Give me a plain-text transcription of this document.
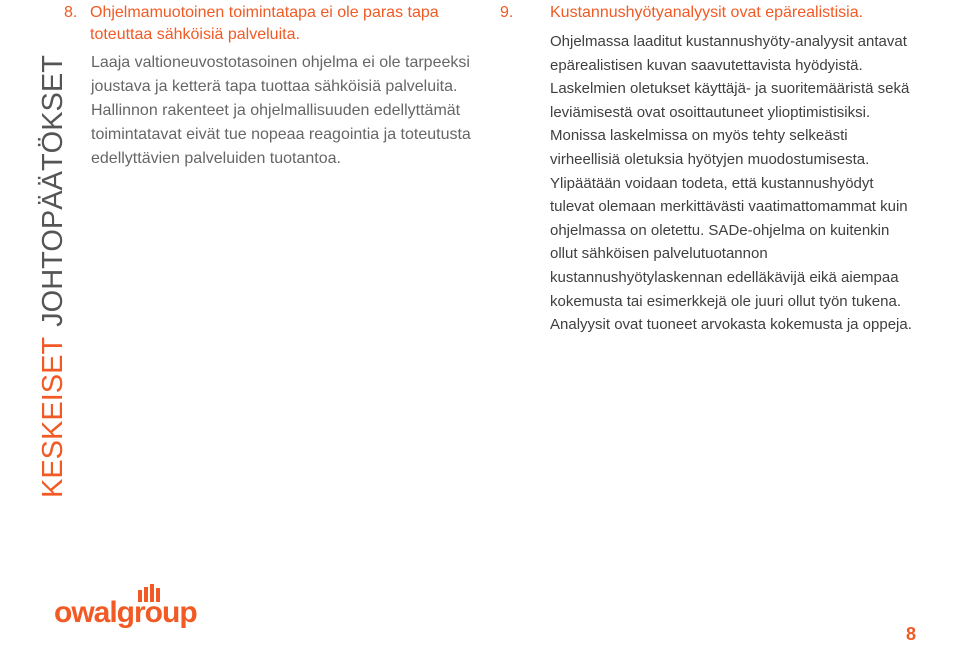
KESKEISETJOHTOPÄÄTÖKSET
8. Ohjelmamuotoinen toimintatapa ei ole paras tapa toteuttaa sähköisiä palveluita.
Laaja valtioneuvostotasoinen ohjelma ei ole tarpeeksi joustava ja ketterä tapa tuottaa sähköisiä palveluita. Hallinnon rakenteet ja ohjelmallisuuden edellyttämät toimintatavat eivät tue nopeaa reagointia ja toteutusta edellyttävien palveluiden tuotantoa.
9.	Kustannushyötyanalyysit ovat epärealistisia.
Ohjelmassa laaditut kustannushyöty-analyysit antavat epärealistisen kuvan saavutettavista hyödyistä. Laskelmien oletukset käyttäjä- ja suoritemääristä sekä leviämisestä ovat osoittautuneet ylioptimistisiksi. Monissa laskelmissa on myös tehty selkeästi virheellisiä oletuksia hyötyjen muodostumisesta. Ylipäätään voidaan todeta, että kustannushyödyt tulevat olemaan merkittävästi vaatimattomammat kuin ohjelmassa on oletettu. SADe-ohjelma on kuitenkin ollut sähköisen palvelutuotannon kustannushyötylaskennan edelläkävijä eikä aiempaa kokemusta tai esimerkkejä ole juuri ollut työn tukena. Analyysit ovat tuoneet arvokasta kokemusta ja oppeja.
owalgroup
8
